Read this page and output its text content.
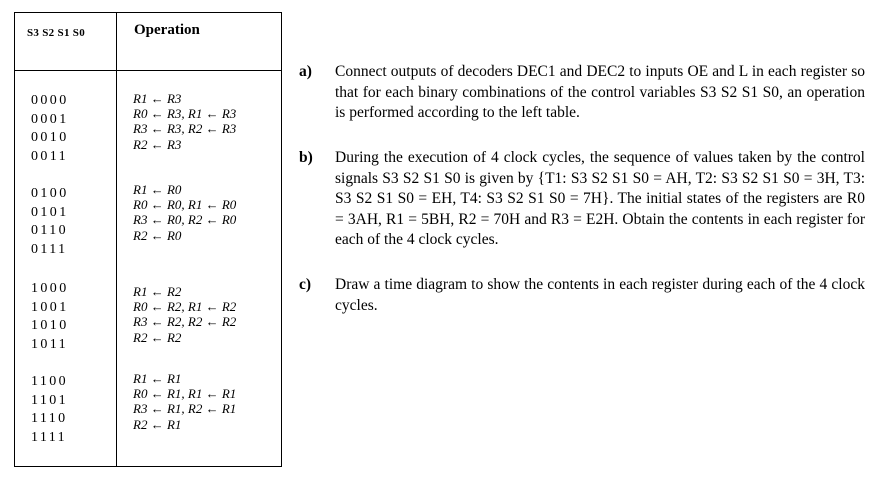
S3 S2 S1 S0	Operation
0000
0001
0010
0011
R1 ← R3
R0 ← R3, R1 ← R3
R3 ← R3, R2 ← R3
R2 ← R3
0100
0101
0110
0111
R1 ← R0
R0 ← R0, R1 ← R0
R3 ← R0, R2 ← R0
R2 ← R0
1000
1001
1010
1011
R1 ← R2
R0 ← R2, R1 ← R2
R3 ← R2, R2 ← R2
R2 ← R2
1100
1101
1110
1111
R1 ← R1
R0 ← R1, R1 ← R1
R3 ← R1, R2 ← R1
R2 ← R1
a) Connect outputs of decoders DEC1 and DEC2 to inputs OE and L in each register so that for each binary combinations of the control variables S3 S2 S1 S0, an operation is performed according to the left table.
b) During the execution of 4 clock cycles, the sequence of values taken by the control signals S3 S2 S1 S0 is given by {T1: S3 S2 S1 S0 = AH, T2: S3 S2 S1 S0 = 3H, T3: S3 S2 S1 S0 = EH, T4: S3 S2 S1 S0 = 7H}. The initial states of the registers are R0 = 3AH, R1 = 5BH, R2 = 70H and R3 = E2H. Obtain the contents in each register for each of the 4 clock cycles.
c) Draw a time diagram to show the contents in each register during each of the 4 clock cycles.
